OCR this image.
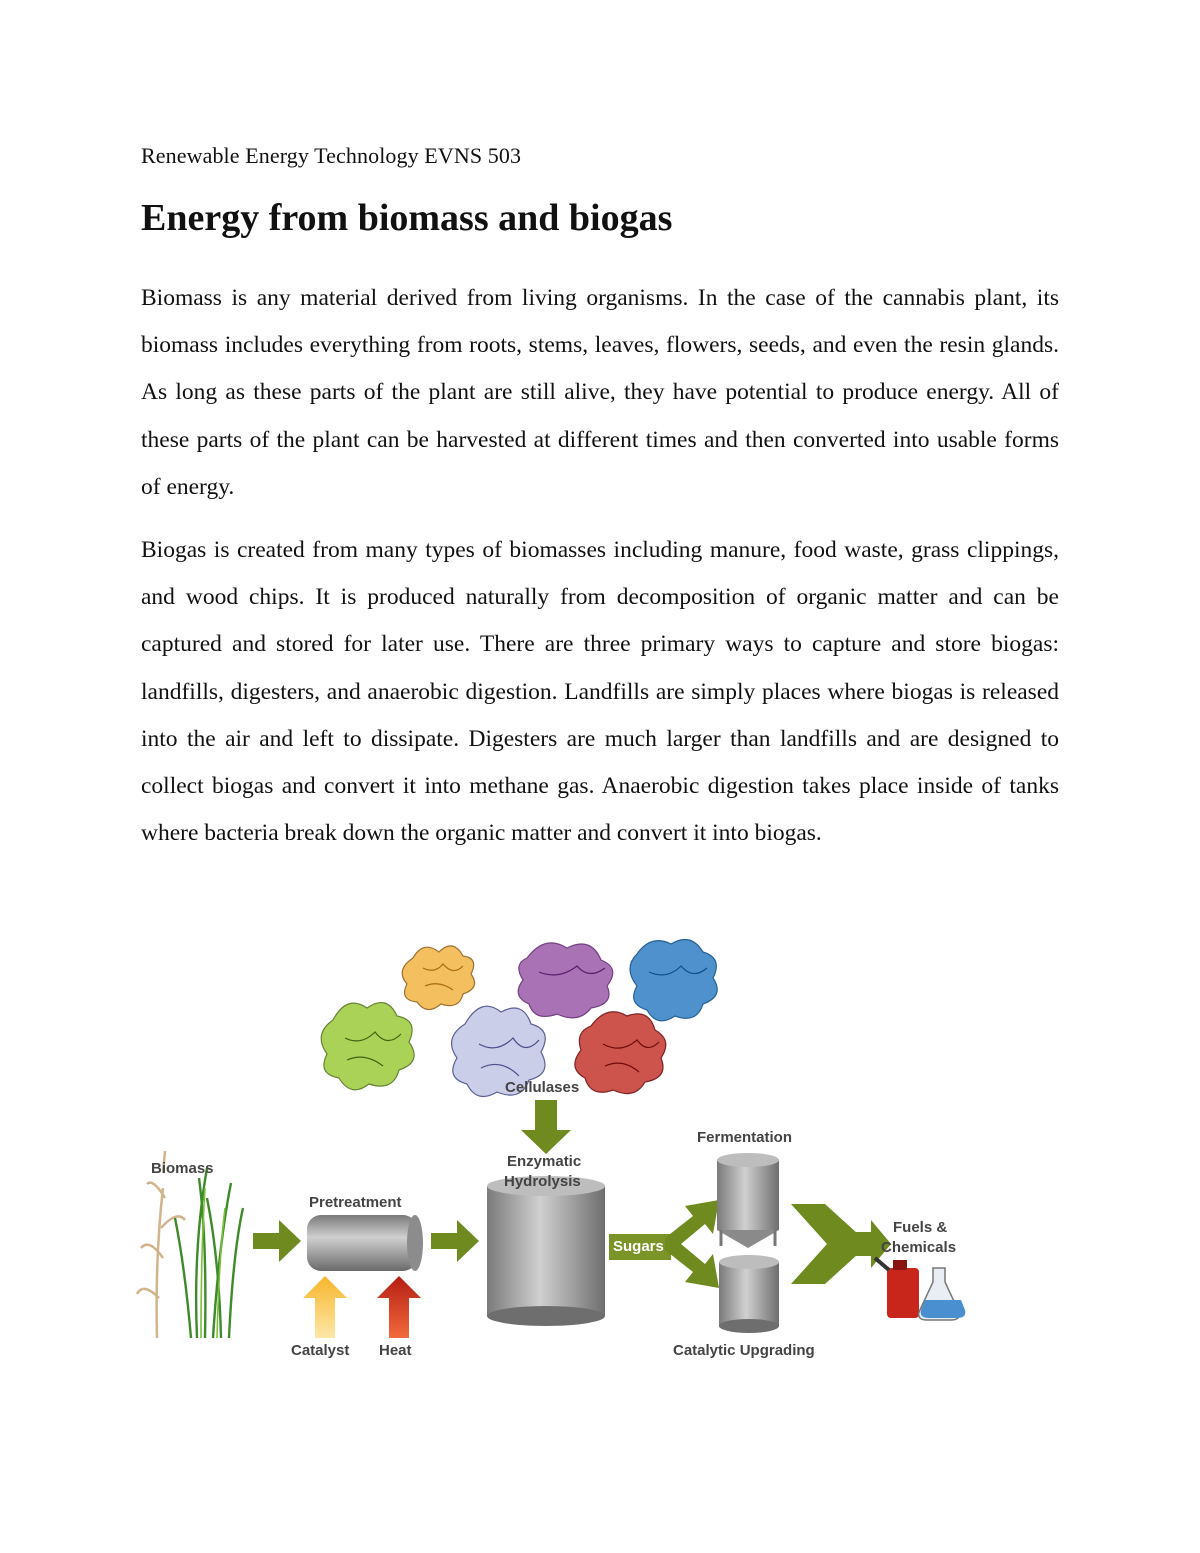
Renewable Energy Technology EVNS 503
Energy from biomass and biogas

Biomass is any material derived from living organisms. In the case of the cannabis plant, its biomass includes everything from roots, stems, leaves, flowers, seeds, and even the resin glands. As long as these parts of the plant are still alive, they have potential to produce energy. All of these parts of the plant can be harvested at different times and then converted into usable forms of energy.

Biogas is created from many types of biomasses including manure, food waste, grass clippings, and wood chips. It is produced naturally from decomposition of organic matter and can be captured and stored for later use. There are three primary ways to capture and store biogas: landfills, digesters, and anaerobic digestion. Landfills are simply places where biogas is released into the air and left to dissipate. Digesters are much larger than landfills and are designed to collect biogas and convert it into methane gas. Anaerobic digestion takes place inside of tanks where bacteria break down the organic matter and convert it into biogas.

Cellulases
Biomass
Pretreatment
Enzymatic
Hydrolysis
Fermentation
Sugars
Catalytic Upgrading
Fuels &
Chemicals
Catalyst Heat
